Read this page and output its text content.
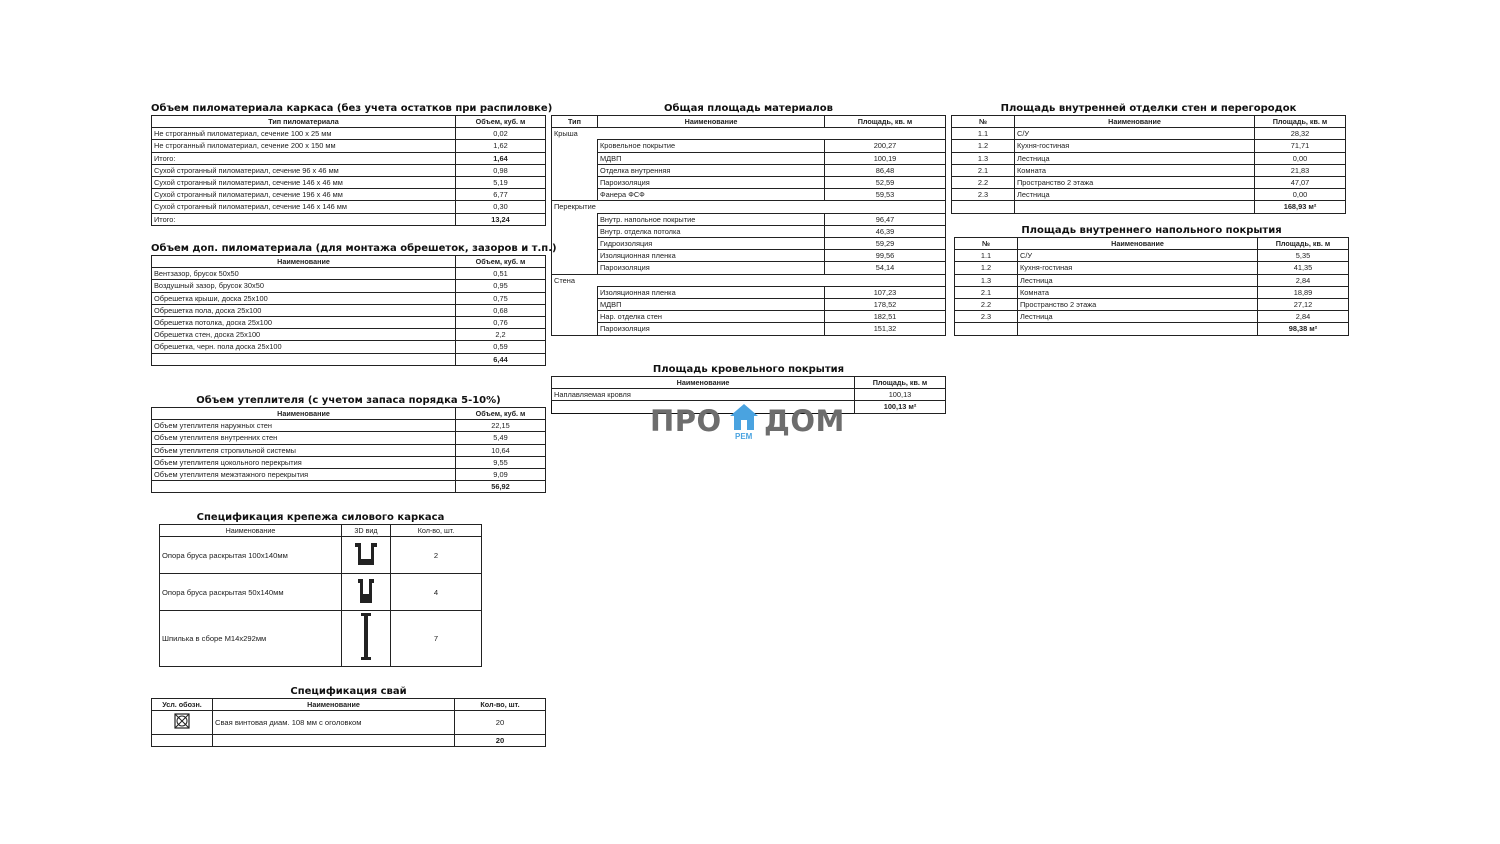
Объем пиломатериала каркаса (без учета остатков при распиловке)
Тип пиломатериала	Объем, куб. м
Не строганный пиломатериал, сечение 100 х 25 мм	0,02
Не строганный пиломатериал, сечение 200 х 150 мм	1,62
Итого:	1,64
Сухой строганный пиломатериал, сечение 96 х 46 мм	0,98
Сухой строганный пиломатериал, сечение 146 х 46 мм	5,19
Сухой строганный пиломатериал, сечение 196 х 46 мм	6,77
Сухой строганный пиломатериал, сечение 146 х 146 мм	0,30
Итого:	13,24
Объем доп. пиломатериала (для монтажа обрешеток, зазоров и т.п.)
Наименование	Объем, куб. м
Вентзазор, брусок 50х50	0,51
Воздушный зазор, брусок 30х50	0,95
Обрешетка крыши, доска 25х100	0,75
Обрешетка пола, доска 25х100	0,68
Обрешетка потолка, доска 25х100	0,76
Обрешетка стен, доска 25х100	2,2
Обрешетка, черн. пола доска 25х100	0,59
	6,44
Объем утеплителя (с учетом запаса порядка 5-10%)
Наименование	Объем, куб. м
Объем утеплителя наружных стен	22,15
Объем утеплителя внутренних стен	5,49
Объем утеплителя стропильной системы	10,64
Объем утеплителя цокольного перекрытия	9,55
Объем утеплителя межэтажного перекрытия	9,09
	56,92
Спецификация крепежа силового каркаса
Наименование	3D вид	Кол-во, шт.
Опора бруса раскрытая 100х140мм		2
Опора бруса раскрытая 50х140мм		4
Шпилька в сборе М14х292мм		7
Спецификация свай
Усл. обозн.	Наименование	Кол-во, шт.
	Свая винтовая диам. 108 мм с оголовком	20
		20
Общая площадь материалов
Тип	Наименование	Площадь, кв. м
Крыша		
	Кровельное покрытие	200,27
	МДВП	100,19
	Отделка внутренняя	86,48
	Пароизоляция	52,59
	Фанера ФСФ	59,53
Перекрытие		
	Внутр. напольное покрытие	96,47
	Внутр. отделка потолка	46,39
	Гидроизоляция	59,29
	Изоляционная пленка	99,56
	Пароизоляция	54,14
Стена		
	Изоляционная пленка	107,23
	МДВП	178,52
	Нар. отделка стен	182,51
	Пароизоляция	151,32
Площадь кровельного покрытия
Наименование	Площадь, кв. м
Наплавляемая кровля	100,13
	100,13 м²
ПРО ДОМ
РЕМ
Площадь внутренней отделки стен и перегородок
№	Наименование	Площадь, кв. м
1.1	С/У	28,32
1.2	Кухня-гостиная	71,71
1.3	Лестница	0,00
2.1	Комната	21,83
2.2	Пространство 2 этажа	47,07
2.3	Лестница	0,00
		168,93 м²
Площадь внутреннего напольного покрытия
№	Наименование	Площадь, кв. м
1.1	С/У	5,35
1.2	Кухня-гостиная	41,35
1.3	Лестница	2,84
2.1	Комната	18,89
2.2	Пространство 2 этажа	27,12
2.3	Лестница	2,84
		98,38 м²
